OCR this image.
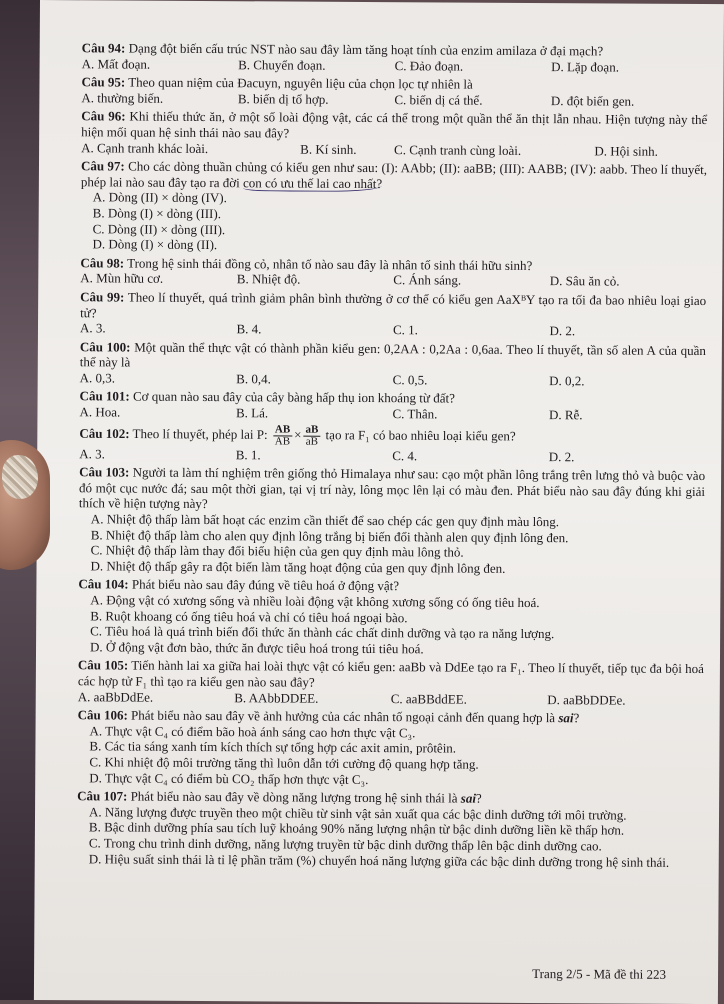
Câu 94: Dạng đột biến cấu trúc NST nào sau đây làm tăng hoạt tính của enzim amilaza ở đại mạch?
A. Mất đoạn.	B. Chuyển đoạn.	C. Đảo đoạn.	D. Lặp đoạn.
Câu 95: Theo quan niệm của Đacuyn, nguyên liệu của chọn lọc tự nhiên là
A. thường biến.	B. biến dị tổ hợp.	C. biến dị cá thể.	D. đột biến gen.
Câu 96: Khi thiếu thức ăn, ở một số loài động vật, các cá thể trong một quần thể ăn thịt lẫn nhau. Hiện tượng này thể hiện mối quan hệ sinh thái nào sau đây?
A. Cạnh tranh khác loài.	B. Kí sinh.	C. Cạnh tranh cùng loài.	D. Hội sinh.
Câu 97: Cho các dòng thuần chủng có kiểu gen như sau: (I): AAbb; (II): aaBB; (III): AABB; (IV): aabb. Theo lí thuyết, phép lai nào sau đây tạo ra đời con có ưu thế lai cao nhất?
A. Dòng (II) × dòng (IV).
B. Dòng (I) × dòng (III).
C. Dòng (II) × dòng (III).
D. Dòng (I) × dòng (II).
Câu 98: Trong hệ sinh thái đồng cỏ, nhân tố nào sau đây là nhân tố sinh thái hữu sinh?
A. Mùn hữu cơ.	B. Nhiệt độ.	C. Ánh sáng.	D. Sâu ăn cỏ.
Câu 99: Theo lí thuyết, quá trình giảm phân bình thường ở cơ thể có kiểu gen AaXᴮY tạo ra tối đa bao nhiêu loại giao tử?
A. 3.	B. 4.	C. 1.	D. 2.
Câu 100: Một quần thể thực vật có thành phần kiểu gen: 0,2AA : 0,2Aa : 0,6aa. Theo lí thuyết, tần số alen A của quần thể này là
A. 0,3.	B. 0,4.	C. 0,5.	D. 0,2.
Câu 101: Cơ quan nào sau đây của cây bàng hấp thụ ion khoáng từ đất?
A. Hoa.	B. Lá.	C. Thân.	D. Rễ.
Câu 102: Theo lí thuyết, phép lai P: $\frac{AB}{AB} \times \frac{aB}{aB}$ tạo ra F₁ có bao nhiêu loại kiểu gen?
A. 3.	B. 1.	C. 4.	D. 2.
Câu 103: Người ta làm thí nghiệm trên giống thỏ Himalaya như sau: cạo một phần lông trắng trên lưng thỏ và buộc vào đó một cục nước đá; sau một thời gian, tại vị trí này, lông mọc lên lại có màu đen. Phát biểu nào sau đây đúng khi giải thích về hiện tượng này?
A. Nhiệt độ thấp làm bất hoạt các enzim cần thiết để sao chép các gen quy định màu lông.
B. Nhiệt độ thấp làm cho alen quy định lông trắng bị biến đổi thành alen quy định lông đen.
C. Nhiệt độ thấp làm thay đổi biểu hiện của gen quy định màu lông thỏ.
D. Nhiệt độ thấp gây ra đột biến làm tăng hoạt động của gen quy định lông đen.
Câu 104: Phát biểu nào sau đây đúng về tiêu hoá ở động vật?
A. Động vật có xương sống và nhiều loài động vật không xương sống có ống tiêu hoá.
B. Ruột khoang có ống tiêu hoá và chỉ có tiêu hoá ngoại bào.
C. Tiêu hoá là quá trình biến đổi thức ăn thành các chất dinh dưỡng và tạo ra năng lượng.
D. Ở động vật đơn bào, thức ăn được tiêu hoá trong túi tiêu hoá.
Câu 105: Tiến hành lai xa giữa hai loài thực vật có kiểu gen: aaBb và DdEe tạo ra F₁. Theo lí thuyết, tiếp tục đa bội hoá các hợp tử F₁ thì tạo ra kiểu gen nào sau đây?
A. aaBbDdEe.	B. AAbbDDEE.	C. aaBBddEE.	D. aaBbDDEe.
Câu 106: Phát biểu nào sau đây về ảnh hưởng của các nhân tố ngoại cảnh đến quang hợp là sai?
A. Thực vật C₄ có điểm bão hoà ánh sáng cao hơn thực vật C₃.
B. Các tia sáng xanh tím kích thích sự tổng hợp các axit amin, prôtêin.
C. Khi nhiệt độ môi trường tăng thì luôn dẫn tới cường độ quang hợp tăng.
D. Thực vật C₄ có điểm bù CO₂ thấp hơn thực vật C₃.
Câu 107: Phát biểu nào sau đây về dòng năng lượng trong hệ sinh thái là sai?
A. Năng lượng được truyền theo một chiều từ sinh vật sản xuất qua các bậc dinh dưỡng tới môi trường.
B. Bậc dinh dưỡng phía sau tích luỹ khoảng 90% năng lượng nhận từ bậc dinh dưỡng liền kề thấp hơn.
C. Trong chu trình dinh dưỡng, năng lượng truyền từ bậc dinh dưỡng thấp lên bậc dinh dưỡng cao.
D. Hiệu suất sinh thái là tỉ lệ phần trăm (%) chuyển hoá năng lượng giữa các bậc dinh dưỡng trong hệ sinh thái.
Trang 2/5 - Mã đề thi 223
